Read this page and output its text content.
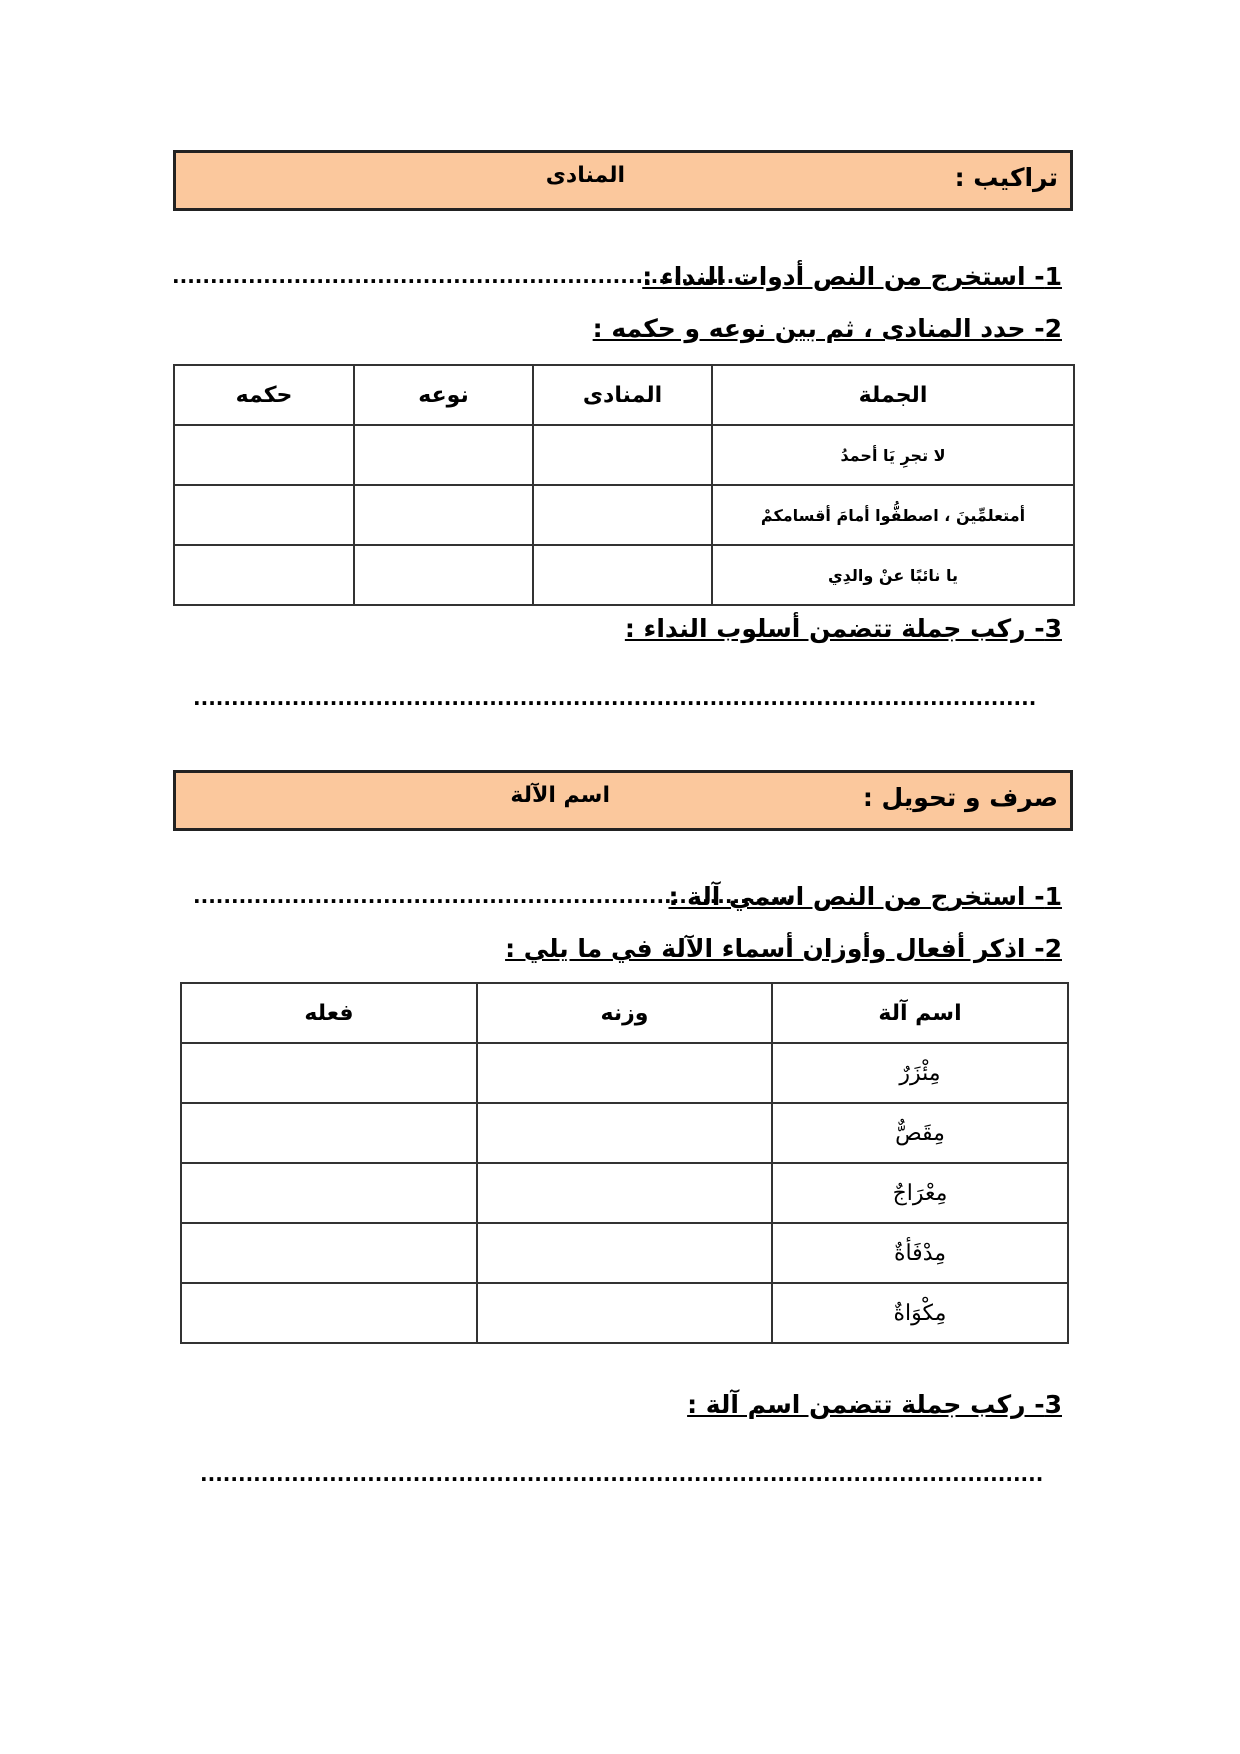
تراكيب :
المنادى
1- استخرج من النص أدوات النداء :
.............................................................................
2- حدد المنادى ، ثم بين نوعه و حكمه :
الجملة	المنادى	نوعه	حكمه
لا تجرِ يَا أحمدُ			
أمتعلمِّينَ ، اصطفُّوا أمامَ أقسامكمْ			
يا نائبًا عنْ والدِي			
3- ركب جملة تتضمن أسلوب النداء :
...............................................................................................................
صرف و تحويل :
اسم الآلة
1- استخرج من النص اسمي آلة :
...............................................................................
2- اذكر أفعال وأوزان أسماء الآلة في ما يلي :
اسم آلة	وزنه	فعله
مِئْزَرٌ		
مِقَصٌّ		
مِعْرَاجٌ		
مِدْفَأةٌ		
مِكْوَاةٌ		
3- ركب جملة تتضمن اسم آلة :
...............................................................................................................
